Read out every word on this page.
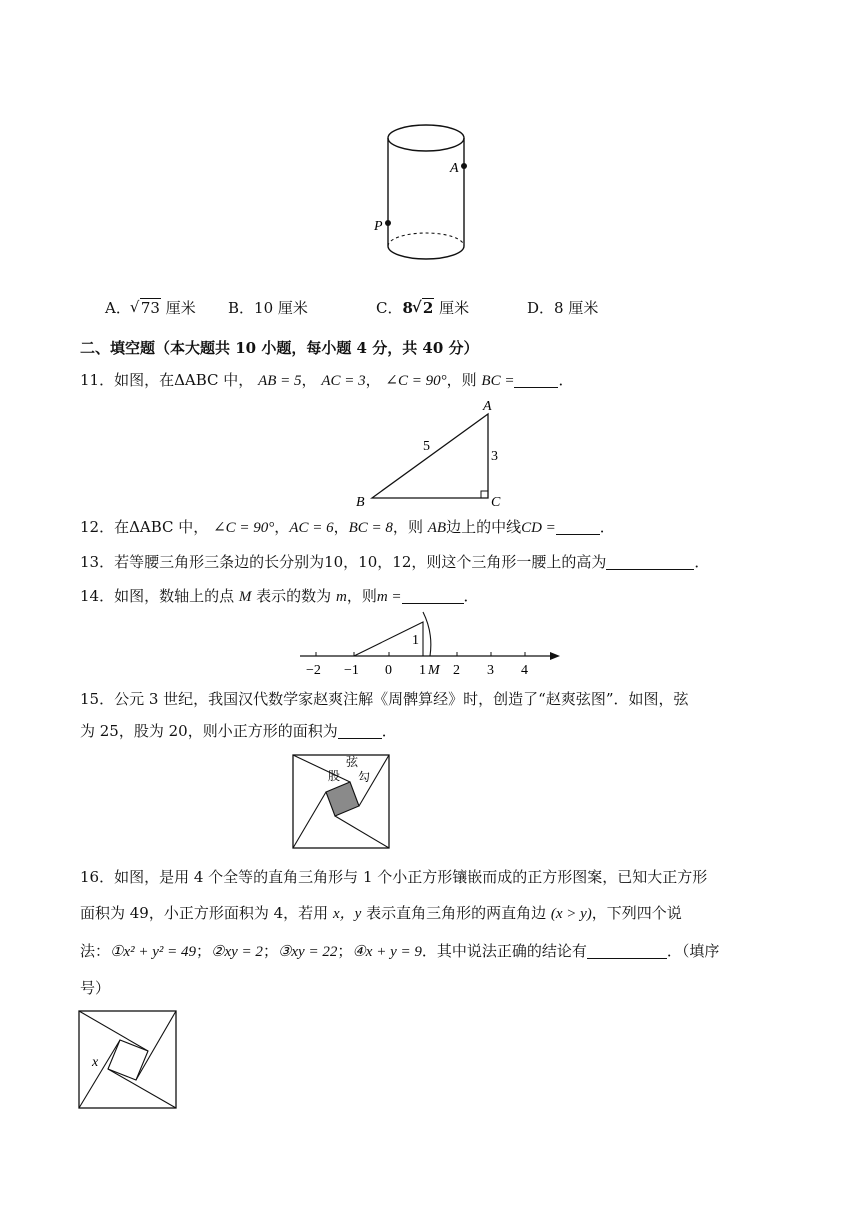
A
P
A． √ 73 厘米 B．10 厘米	C．8 √ 2 厘米	D．8 厘米
二、填空题（本大题共 10 小题，每小题 4 分，共 40 分）
11．如图，在ΔABC 中， AB = 5， AC = 3， ∠C = 90°，则 BC =	．
A
B	C
5
3
12．在ΔABC 中， ∠C = 90°，AC = 6，BC = 8，则 AB边上的中线CD =	．
13．若等腰三角形三条边的长分别为10，10，12，则这个三角形一腰上的高为	．
14．如图，数轴上的点 M 表示的数为 m，则m =	．
1
−2 −1 0 1 M 2 3 4
15．公元 3 世纪，我国汉代数学家赵爽注解《周髀算经》时，创造了“赵爽弦图”．如图，弦
为 25，股为 20，则小正方形的面积为	．
股
弦
勾
16．如图，是用 4 个全等的直角三角形与 1 个小正方形镶嵌而成的正方形图案，已知大正方形
面积为 49，小正方形面积为 4，若用 x，y 表示直角三角形的两直角边 (x > y)，下列四个说
法：①x² + y² = 49；②xy = 2；③xy = 22；④x + y = 9．其中说法正确的结论有	．（填序
号）
x
